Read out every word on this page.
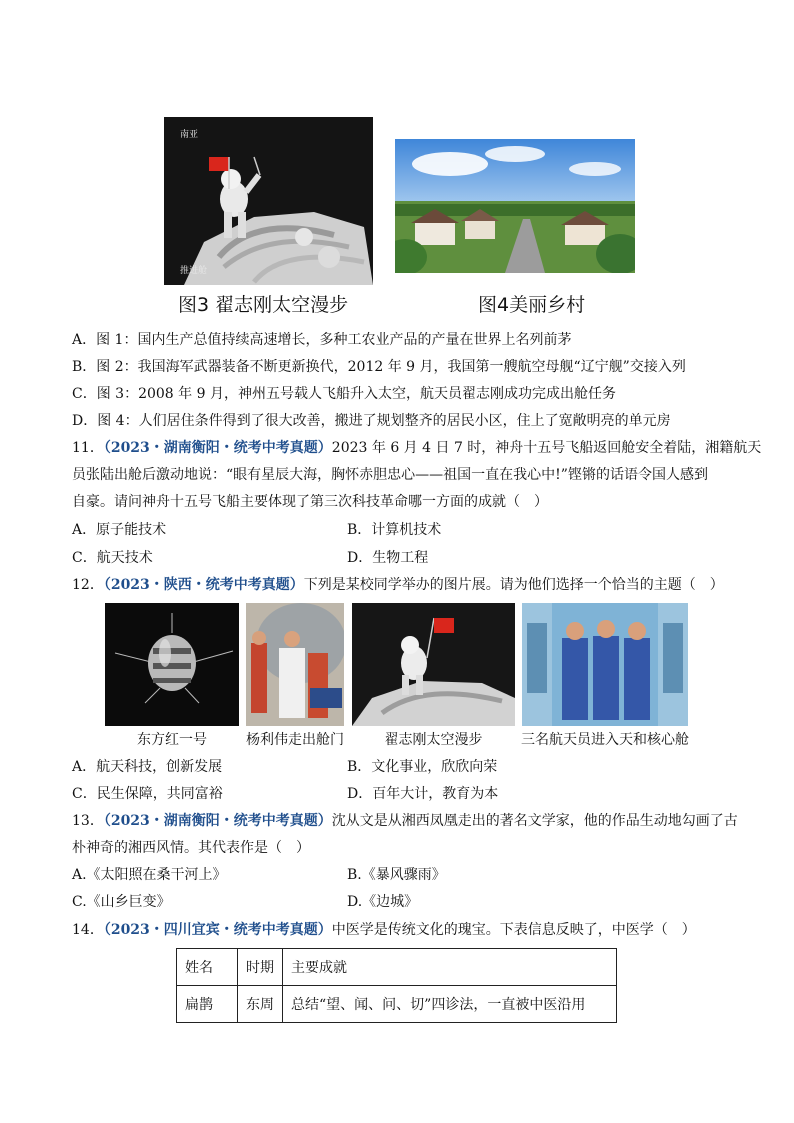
南亚
推进舱
图3 翟志刚太空漫步	图4美丽乡村
A．图 1：国内生产总值持续高速增长，多种工农业产品的产量在世界上名列前茅
B．图 2：我国海军武器装备不断更新换代，2012 年 9 月，我国第一艘航空母舰“辽宁舰”交接入列
C．图 3：2008 年 9 月，神州五号载人飞船升入太空，航天员翟志刚成功完成出舱任务
D．图 4：人们居住条件得到了很大改善，搬进了规划整齐的居民小区，住上了宽敞明亮的单元房
11．（2023・湖南衡阳・统考中考真题）2023 年 6 月 4 日 7 时，神舟十五号飞船返回舱安全着陆，湘籍航天
员张陆出舱后激动地说：“眼有星辰大海，胸怀赤胆忠心——祖国一直在我心中!”铿锵的话语令国人感到
自豪。请问神舟十五号飞船主要体现了第三次科技革命哪一方面的成就（　）
A．原子能技术	B．计算机技术
C．航天技术	D．生物工程
12．（2023・陕西・统考中考真题）下列是某校同学举办的图片展。请为他们选择一个恰当的主题（　）
东方红一号	杨利伟走出舱门	翟志刚太空漫步	三名航天员进入天和核心舱
A．航天科技，创新发展	B．文化事业，欣欣向荣
C．民生保障，共同富裕	D．百年大计，教育为本
13．（2023・湖南衡阳・统考中考真题）沈从文是从湘西凤凰走出的著名文学家，他的作品生动地勾画了古
朴神奇的湘西风情。其代表作是（　）
A.《太阳照在桑干河上》	B.《暴风骤雨》
C.《山乡巨变》	D.《边城》
14．（2023・四川宜宾・统考中考真题）中医学是传统文化的瑰宝。下表信息反映了，中医学（　）
姓名	时期	主要成就
扁鹊	东周	总结“望、闻、问、切”四诊法，一直被中医沿用
